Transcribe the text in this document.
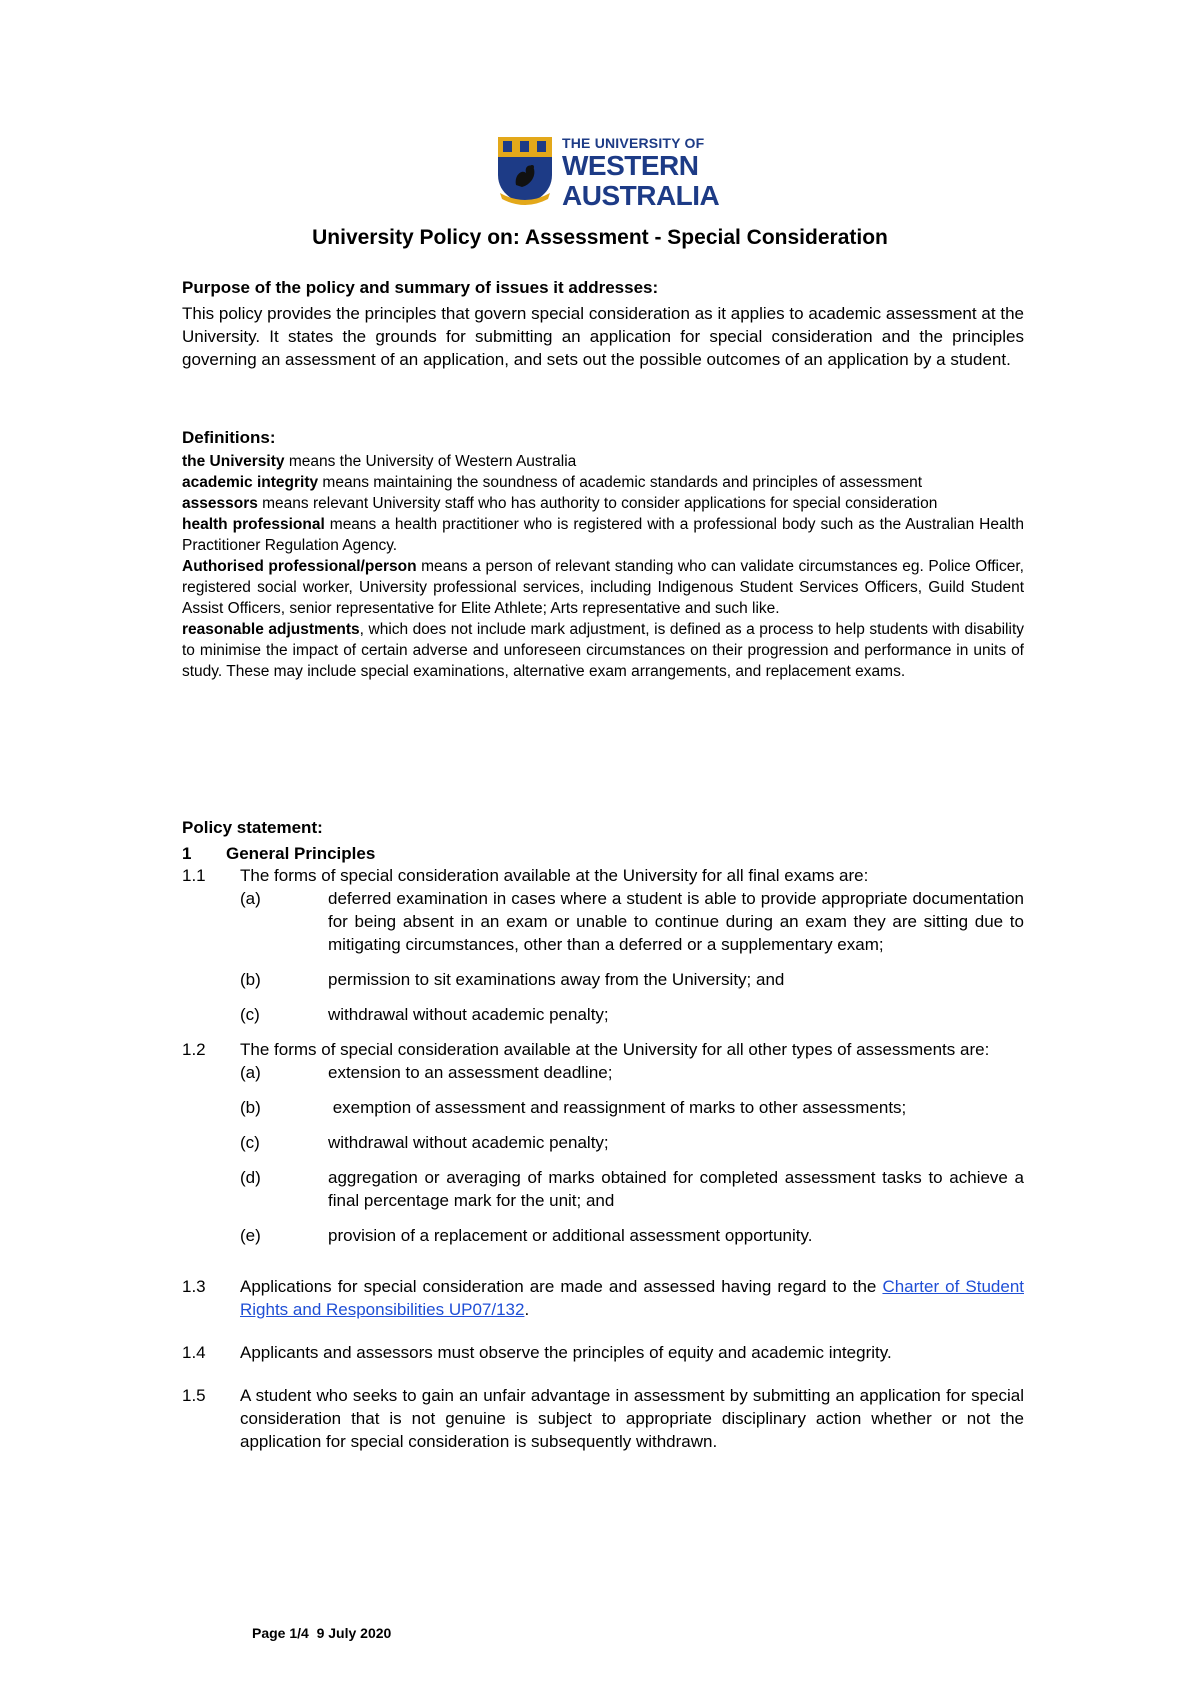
THE UNIVERSITY OF
WESTERN
AUSTRALIA
University Policy on: Assessment - Special Consideration
Purpose of the policy and summary of issues it addresses:
This policy provides the principles that govern special consideration as it applies to academic assessment at the University. It states the grounds for submitting an application for special consideration and the principles governing an assessment of an application, and sets out the possible outcomes of an application by a student.
Definitions:
the University means the University of Western Australia
academic integrity means maintaining the soundness of academic standards and principles of assessment
assessors means relevant University staff who has authority to consider applications for special consideration
health professional means a health practitioner who is registered with a professional body such as the Australian Health Practitioner Regulation Agency.
Authorised professional/person means a person of relevant standing who can validate circumstances eg. Police Officer, registered social worker, University professional services, including Indigenous Student Services Officers, Guild Student Assist Officers, senior representative for Elite Athlete; Arts representative and such like.
reasonable adjustments, which does not include mark adjustment, is defined as a process to help students with disability to minimise the impact of certain adverse and unforeseen circumstances on their progression and performance in units of study. These may include special examinations, alternative exam arrangements, and replacement exams.
Policy statement:
1	General Principles
1.1	The forms of special consideration available at the University for all final exams are:
(a)	deferred examination in cases where a student is able to provide appropriate documentation for being absent in an exam or unable to continue during an exam they are sitting due to mitigating circumstances, other than a deferred or a supplementary exam;
(b)	permission to sit examinations away from the University; and
(c)	withdrawal without academic penalty;
1.2	The forms of special consideration available at the University for all other types of assessments are:
(a)	extension to an assessment deadline;
(b)	exemption of assessment and reassignment of marks to other assessments;
(c)	withdrawal without academic penalty;
(d)	aggregation or averaging of marks obtained for completed assessment tasks to achieve a final percentage mark for the unit; and
(e)	provision of a replacement or additional assessment opportunity.
1.3	Applications for special consideration are made and assessed having regard to the Charter of Student Rights and Responsibilities UP07/132.
1.4	Applicants and assessors must observe the principles of equity and academic integrity.
1.5	A student who seeks to gain an unfair advantage in assessment by submitting an application for special consideration that is not genuine is subject to appropriate disciplinary action whether or not the application for special consideration is subsequently withdrawn.
Page 1/4  9 July 2020
